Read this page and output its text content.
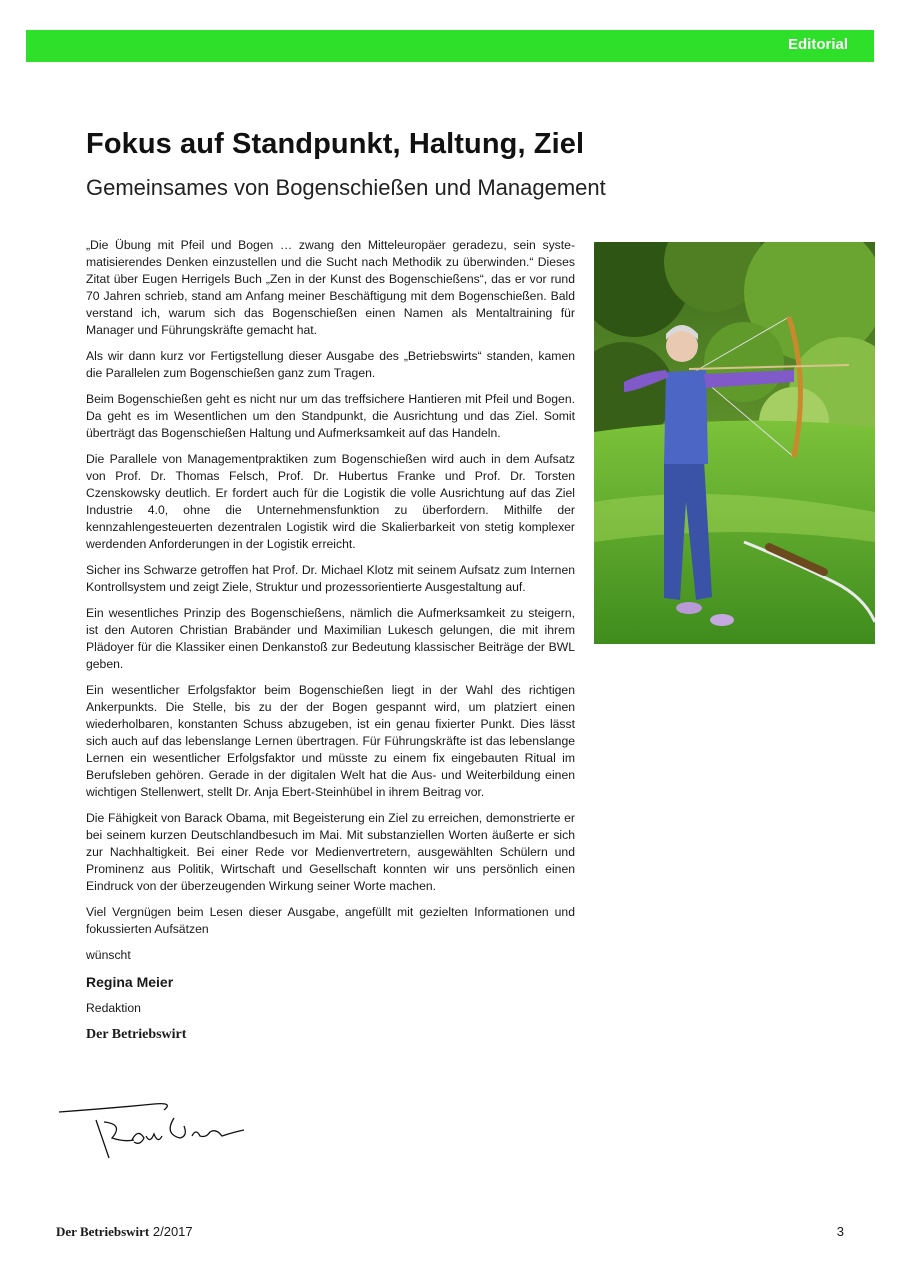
Editorial
Fokus auf Standpunkt, Haltung, Ziel
Gemeinsames von Bogenschießen und Management

„Die Übung mit Pfeil und Bogen … zwang den Mitteleuropäer geradezu, sein systematisierendes Denken einzustellen und die Sucht nach Methodik zu überwinden.“ Dieses Zitat über Eugen Herrigels Buch „Zen in der Kunst des Bogenschießens“, das er vor rund 70 Jahren schrieb, stand am Anfang meiner Beschäftigung mit dem Bogenschießen. Bald verstand ich, warum sich das Bogenschießen einen Namen als Mentaltraining für Manager und Führungskräfte gemacht hat.

Als wir dann kurz vor Fertigstellung dieser Ausgabe des „Betriebswirts“ standen, kamen die Parallelen zum Bogenschießen ganz zum Tragen.

Beim Bogenschießen geht es nicht nur um das treffsichere Hantieren mit Pfeil und Bogen. Da geht es im Wesentlichen um den Standpunkt, die Ausrichtung und das Ziel. Somit überträgt das Bogenschießen Haltung und Aufmerksamkeit auf das Handeln.

Die Parallele von Managementpraktiken zum Bogenschießen wird auch in dem Aufsatz von Prof. Dr. Thomas Felsch, Prof. Dr. Hubertus Franke und Prof. Dr. Torsten Czenskowsky deutlich. Er fordert auch für die Logistik die volle Ausrichtung auf das Ziel Industrie 4.0, ohne die Unternehmensfunktion zu überfordern. Mithilfe der kennzahlengesteuerten dezentralen Logistik wird die Skalierbarkeit von stetig komplexer werdenden Anforderungen in der Logistik erreicht.

Sicher ins Schwarze getroffen hat Prof. Dr. Michael Klotz mit seinem Aufsatz zum Internen Kontrollsystem und zeigt Ziele, Struktur und prozessorientierte Ausgestaltung auf.

Ein wesentliches Prinzip des Bogenschießens, nämlich die Aufmerksamkeit zu steigern, ist den Autoren Christian Brabänder und Maximilian Lukesch gelungen, die mit ihrem Plädoyer für die Klassiker einen Denkanstoß zur Bedeutung klassischer Beiträge der BWL geben.

Ein wesentlicher Erfolgsfaktor beim Bogenschießen liegt in der Wahl des richtigen Ankerpunkts. Die Stelle, bis zu der der Bogen gespannt wird, um platziert einen wiederholbaren, konstanten Schuss abzugeben, ist ein genau fixierter Punkt. Dies lässt sich auch auf das lebenslange Lernen übertragen. Für Führungskräfte ist das lebenslange Lernen ein wesentlicher Erfolgsfaktor und müsste zu einem fix eingebauten Ritual im Berufsleben gehören. Gerade in der digitalen Welt hat die Aus- und Weiterbildung einen wichtigen Stellenwert, stellt Dr. Anja Ebert-Steinhübel in ihrem Beitrag vor.

Die Fähigkeit von Barack Obama, mit Begeisterung ein Ziel zu erreichen, demonstrierte er bei seinem kurzen Deutschlandbesuch im Mai. Mit substanziellen Worten äußerte er sich zur Nachhaltigkeit. Bei einer Rede vor Medienvertretern, ausgewählten Schülern und Prominenz aus Politik, Wirtschaft und Gesellschaft konnten wir uns persönlich einen Eindruck von der überzeugenden Wirkung seiner Worte machen.

Viel Vergnügen beim Lesen dieser Ausgabe, angefüllt mit gezielten Informationen und fokussierten Aufsätzen

wünscht

Regina Meier

Redaktion

Der Betriebswirt

Der Betriebswirt 2/2017	3
